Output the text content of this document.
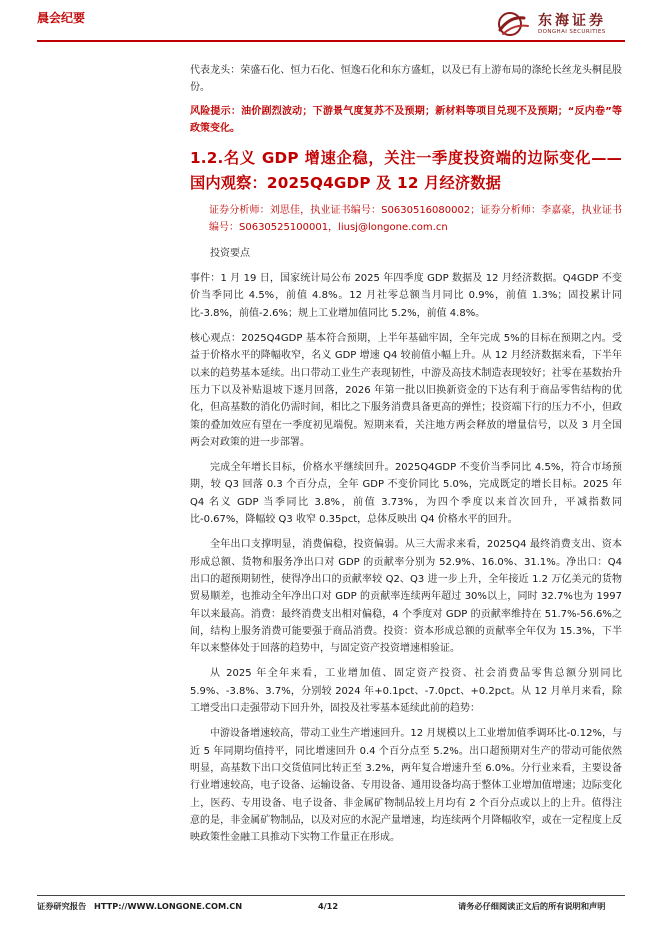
晨会纪要	东海证券
DONGHAI SECURITIES

代表龙头：荣盛石化、恒力石化、恒逸石化和东方盛虹，以及已有上游布局的涤纶长丝龙头桐昆股份。

风险提示：油价剧烈波动；下游景气度复苏不及预期；新材料等项目兑现不及预期；“反内卷”等政策变化。

1.2.名义 GDP 增速企稳，关注一季度投资端的边际变化——国内观察：2025Q4GDP 及 12 月经济数据

证券分析师：刘思佳，执业证书编号：S0630516080002；证券分析师：李嘉豪，执业证书编号：S0630525100001，liusj@longone.com.cn

投资要点

事件：1 月 19 日，国家统计局公布 2025 年四季度 GDP 数据及 12 月经济数据。Q4GDP 不变价当季同比 4.5%，前值 4.8%。12 月社零总额当月同比 0.9%，前值 1.3%；固投累计同比-3.8%，前值-2.6%；规上工业增加值同比 5.2%，前值 4.8%。

核心观点：2025Q4GDP 基本符合预期，上半年基础牢固，全年完成 5%的目标在预期之内。受益于价格水平的降幅收窄，名义 GDP 增速 Q4 较前值小幅上升。从 12 月经济数据来看，下半年以来的趋势基本延续。出口带动工业生产表现韧性，中游及高技术制造表现较好；社零在基数抬升压力下以及补贴退坡下逐月回落，2026 年第一批以旧换新资金的下达有利于商品零售结构的优化，但高基数的消化仍需时间，相比之下服务消费具备更高的弹性；投资端下行的压力不小，但政策的叠加效应有望在一季度初见端倪。短期来看，关注地方两会释放的增量信号，以及 3 月全国两会对政策的进一步部署。

完成全年增长目标，价格水平继续回升。2025Q4GDP 不变价当季同比 4.5%，符合市场预期，较 Q3 回落 0.3 个百分点，全年 GDP 不变价同比 5.0%，完成既定的增长目标。2025 年 Q4 名义 GDP 当季同比 3.8%，前值 3.73%，为四个季度以来首次回升，平减指数同比-0.67%，降幅较 Q3 收窄 0.35pct，总体反映出 Q4 价格水平的回升。

全年出口支撑明显，消费偏稳，投资偏弱。从三大需求来看，2025Q4 最终消费支出、资本形成总额、货物和服务净出口对 GDP 的贡献率分别为 52.9%、16.0%、31.1%。净出口：Q4 出口的超预期韧性，使得净出口的贡献率较 Q2、Q3 进一步上升，全年接近 1.2 万亿美元的货物贸易顺差，也推动全年净出口对 GDP 的贡献率连续两年超过 30%以上，同时 32.7%也为 1997 年以来最高。消费：最终消费支出相对偏稳，4 个季度对 GDP 的贡献率维持在 51.7%-56.6%之间，结构上服务消费可能要强于商品消费。投资：资本形成总额的贡献率全年仅为 15.3%，下半年以来整体处于回落的趋势中，与固定资产投资增速相验证。

从 2025 年全年来看，工业增加值、固定资产投资、社会消费品零售总额分别同比 5.9%、-3.8%、3.7%，分别较 2024 年+0.1pct、-7.0pct、+0.2pct。从 12 月单月来看，除工增受出口走强带动下回升外，固投及社零基本延续此前的趋势：

中游设备增速较高，带动工业生产增速回升。12 月规模以上工业增加值季调环比-0.12%，与近 5 年同期均值持平，同比增速回升 0.4 个百分点至 5.2%。出口超预期对生产的带动可能依然明显，高基数下出口交货值同比转正至 3.2%，两年复合增速升至 6.0%。分行业来看，主要设备行业增速较高，电子设备、运输设备、专用设备、通用设备均高于整体工业增加值增速；边际变化上，医药、专用设备、电子设备、非金属矿物制品较上月均有 2 个百分点或以上的上升。值得注意的是，非金属矿物制品，以及对应的水泥产量增速，均连续两个月降幅收窄，或在一定程度上反映政策性金融工具推动下实物工作量正在形成。

证券研究报告 HTTP://WWW.LONGONE.COM.CN	4/12	请务必仔细阅读正文后的所有说明和声明
